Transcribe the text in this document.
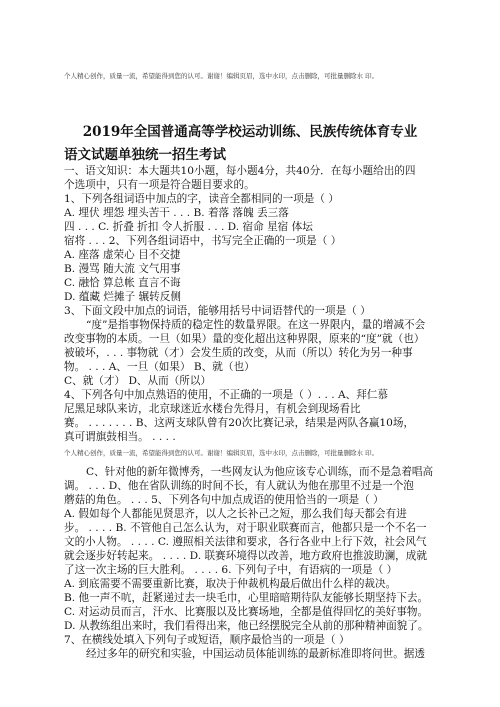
个人精心创作，质量一流，希望能得到您的认可。谢谢！编辑页眉，选中水印，点击删除，可批量删除水 印。
2019年全国普通高等学校运动训练、民族传统体育专业
语文试题单独统一招生考试
一、语文知识：本大题共10小题，每小题4分，共40分．在每小题给出的四
个选项中，只有一项是符合题目要求的。
1、下列各组词语中加点的字，读音全都相同的一项是（ ）
A. 埋伏 埋怨 埋头苦干 . . . B. 着落 落魄 丢三落
四 . . . C. 折叠 折扣 令人折服 . . . D. 宿命 星宿 体坛
宿将 . . . 2、下列各组词语中，书写完全正确的一项是（ ）
A. 座落 虚荣心 目不交捷
B. 漫骂 随大流 文气用事
C. 融恰 算总帐 直言不诲
D. 蕴藏 烂摊子 辗转反侧
3、下面文段中加点的词语，能够用括号中词语替代的一项是（ ）
“度”是指事物保持质的稳定性的数量界限。在这一界限内，量的增减不会
改变事物的本质。一旦（如果）量的变化超出这种界限，原来的“度”就（也）
被破坏，. . . 事物就（才）会发生质的改变，从而（所以）转化为另一种事
物。 . . . A、一旦（如果） B、就（也）
C、就（才） D、从而（所以）
4、下列各句中加点熟语的使用，不正确的一项是（ ）. . . A、拜仁慕
尼黑足球队来访，北京球迷近水楼台先得月，有机会到现场看比
赛。 . . . . . . . B、这两支球队曾有20次比赛记录，结果是两队各赢10场，
真可谓旗鼓相当。 . . . .
个人精心创作，质量一流，希望能得到您的认可。谢谢！编辑页眉，选中水印，点击删除，可批量删除水 印。
C、针对他的新年微博秀，一些网友认为他应该专心训练，而不是急着唱高
调。 . . . D、他在省队训练的时间不长，有人就认为他在那里不过是一个泡
蘑菇的角色。 . . . 5、下列各句中加点成语的使用恰当的一项是（ ）
A. 假如每个人都能见贤思齐，以人之长补己之短，那么我们每天都会有进
步。 . . . . B. 不管他自己怎么认为，对于职业联赛而言，他都只是一个不名一
文的小人物。 . . . . C. 遵照相关法律和要求，各行各业中上行下效，社会风气
就会逐步好转起来。 . . . . D. 联赛环境得以改善，地方政府也推波助澜，成就
了这一次主场的巨大胜利。 . . . . 6. 下列句子中，有语病的一项是（ ）
A. 到底需要不需要重新比赛，取决于仲裁机构最后做出什么样的裁决。
B. 他一声不吭，赶紧递过去一块毛巾，心里暗暗期待队友能够长期坚持下去。
C. 对运动员而言，汗水、比赛服以及比赛场地，全都是值得回忆的美好事物。
D. 从教练组出来时，我们看得出来，他已经摆脱完全从前的那种精神面貌了。
7、在横线处填入下列句子或短语，顺序最恰当的一项是（ ）
经过多年的研究和实验，中国运动员体能训练的最新标准即将问世。据透
